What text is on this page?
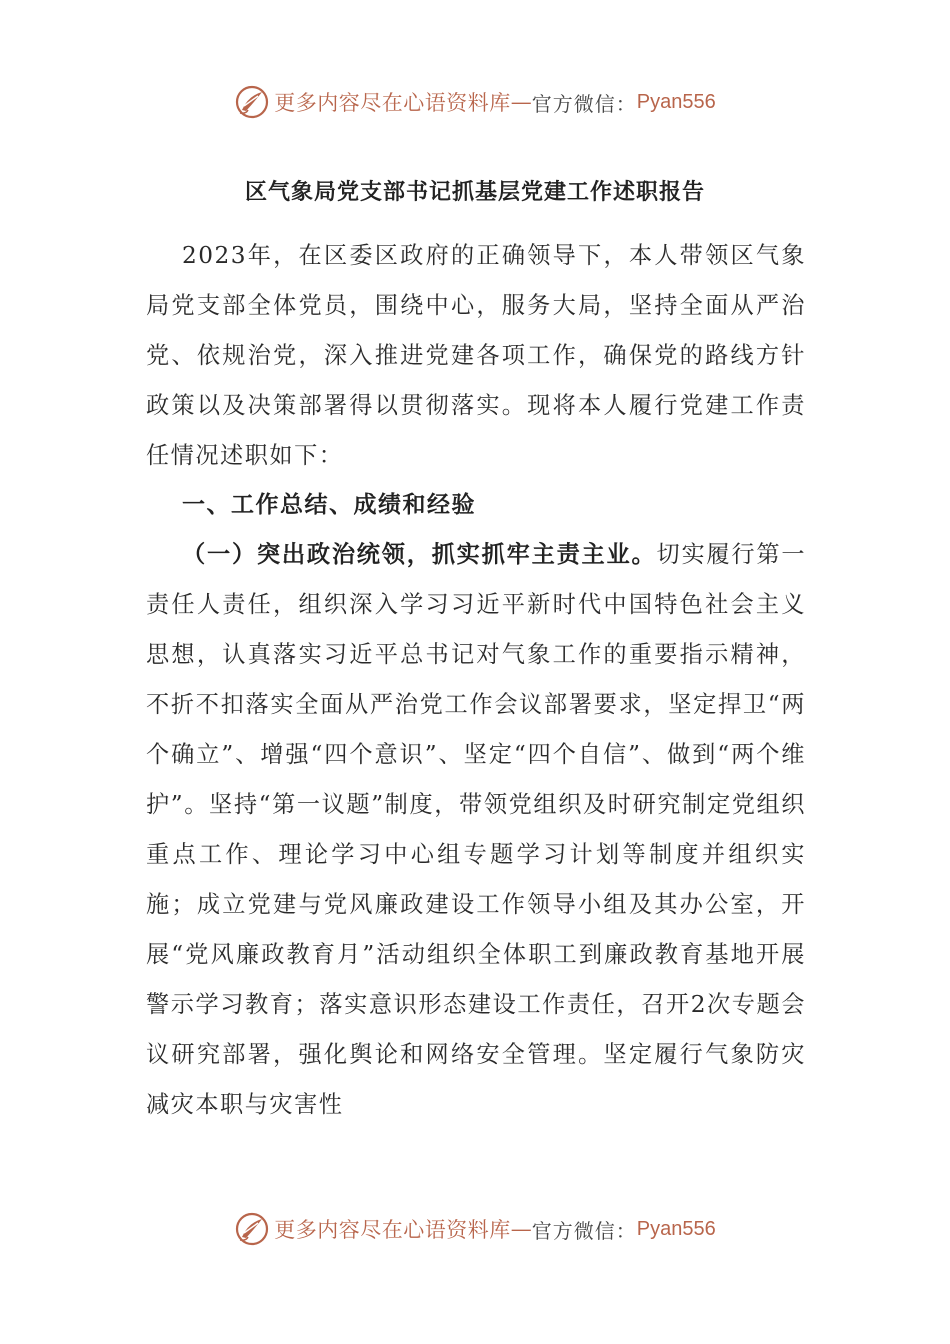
更多内容尽在心语资料库 — 官方微信： Pyan556
区气象局党支部书记抓基层党建工作述职报告
2023年，在区委区政府的正确领导下，本人带领区气象局党支部全体党员，围绕中心，服务大局，坚持全面从严治党、依规治党，深入推进党建各项工作，确保党的路线方针政策以及决策部署得以贯彻落实。现将本人履行党建工作责任情况述职如下：
一、工作总结、成绩和经验
（一）突出政治统领，抓实抓牢主责主业。切实履行第一责任人责任，组织深入学习习近平新时代中国特色社会主义思想，认真落实习近平总书记对气象工作的重要指示精神，不折不扣落实全面从严治党工作会议部署要求，坚定捍卫“两个确立”、增强“四个意识”、坚定“四个自信”、做到“两个维护”。坚持“第一议题”制度，带领党组织及时研究制定党组织重点工作、理论学习中心组专题学习计划等制度并组织实施；成立党建与党风廉政建设工作领导小组及其办公室，开展“党风廉政教育月”活动组织全体职工到廉政教育基地开展警示学习教育；落实意识形态建设工作责任，召开2次专题会议研究部署，强化舆论和网络安全管理。坚定履行气象防灾减灾本职与灾害性
更多内容尽在心语资料库 — 官方微信： Pyan556
